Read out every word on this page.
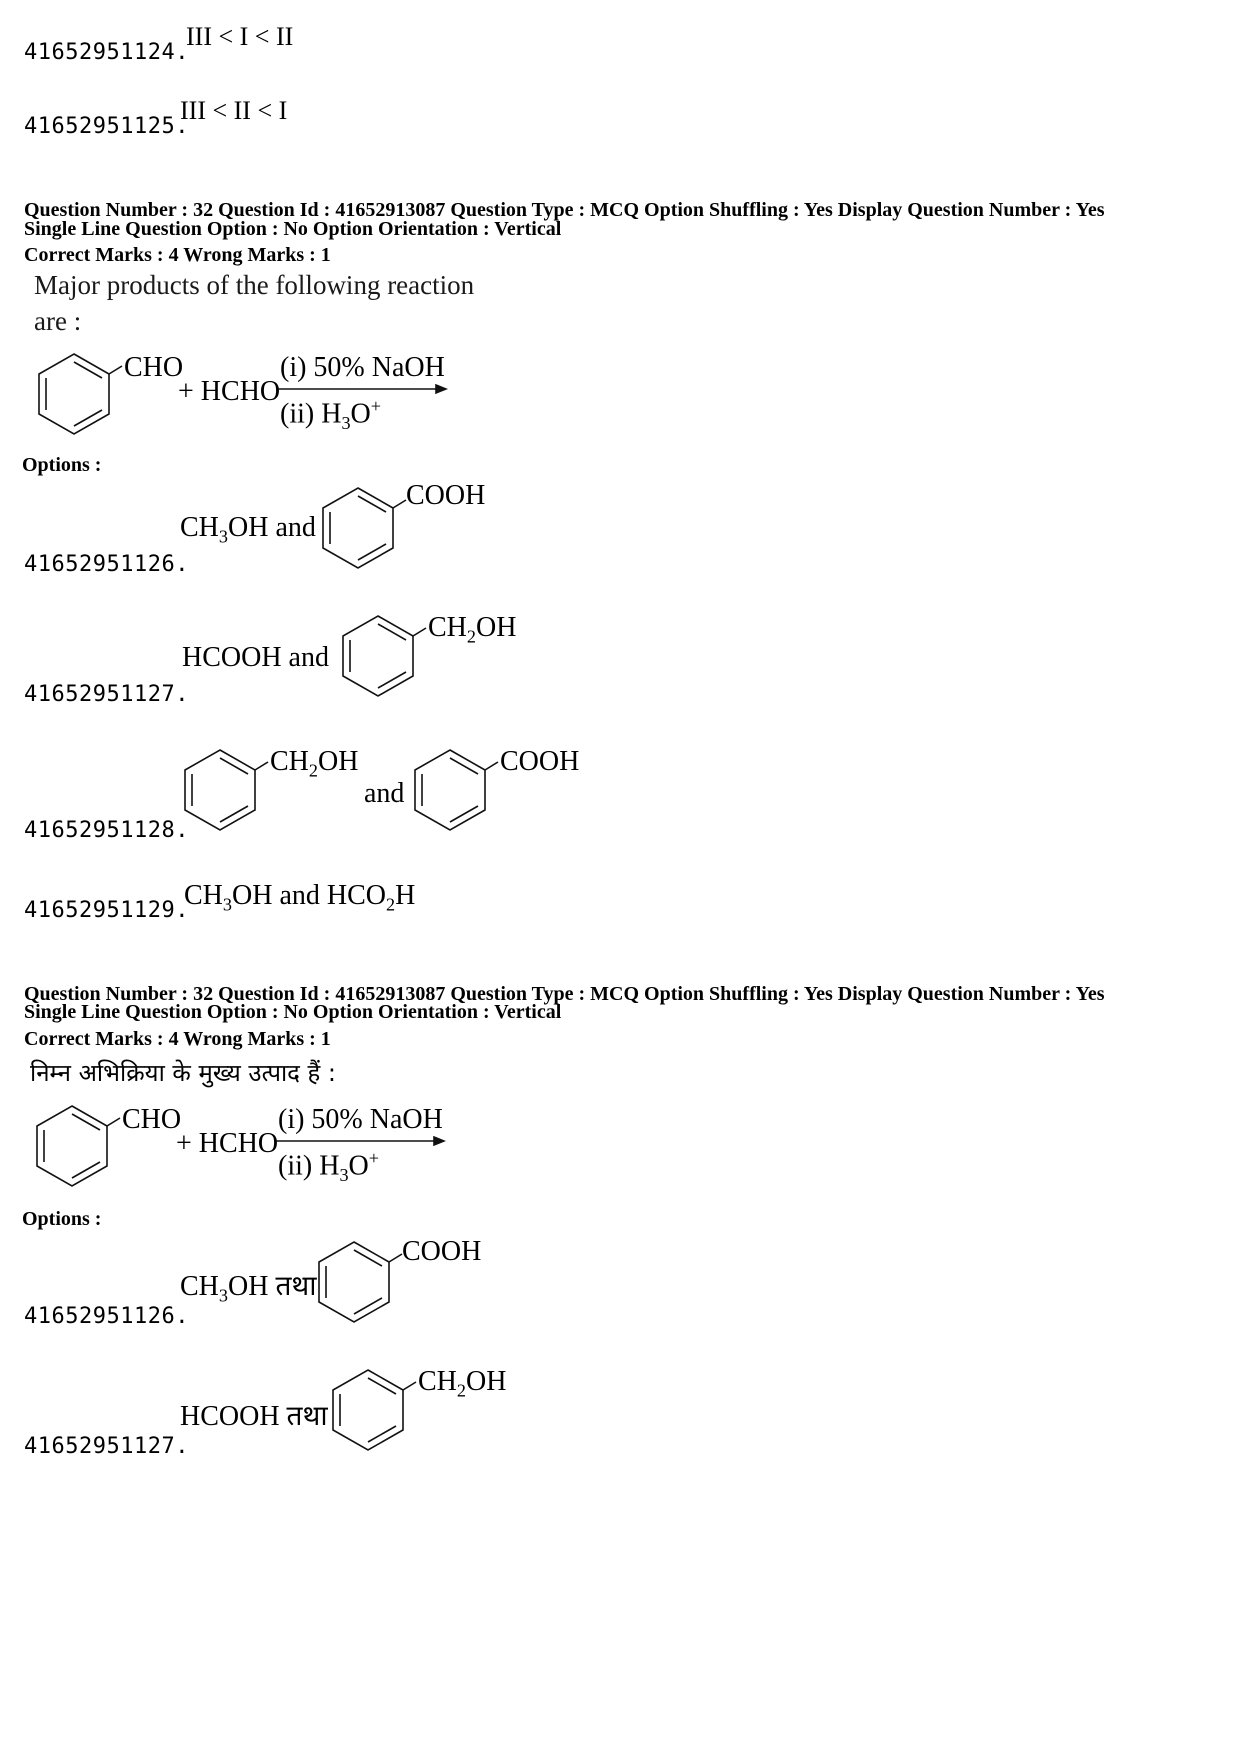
41652951124.
III < I < II
41652951125.
III < II < I
Question Number : 32 Question Id : 41652913087 Question Type : MCQ Option Shuffling : Yes Display Question Number : Yes
Single Line Question Option : No Option Orientation : Vertical
Correct Marks : 4 Wrong Marks : 1
Major products of the following reaction
are :
CHO
+ HCHO
(i) 50% NaOH
(ii) $H_3O^+$
Options :
$CH_3OH$ and
COOH
41652951126.
HCOOH and
$CH_2OH$
41652951127.
$CH_2OH$
and
COOH
41652951128.
$CH_3OH$ and $HCO_2H$
41652951129.
Question Number : 32 Question Id : 41652913087 Question Type : MCQ Option Shuffling : Yes Display Question Number : Yes
Single Line Question Option : No Option Orientation : Vertical
Correct Marks : 4 Wrong Marks : 1
निम्न अभिक्रिया के मुख्य उत्पाद हैं :
CHO
+ HCHO
(i) 50% NaOH
(ii) $H_3O^+$
Options :
$CH_3OH$ तथा
COOH
41652951126.
HCOOH तथा
$CH_2OH$
41652951127.
